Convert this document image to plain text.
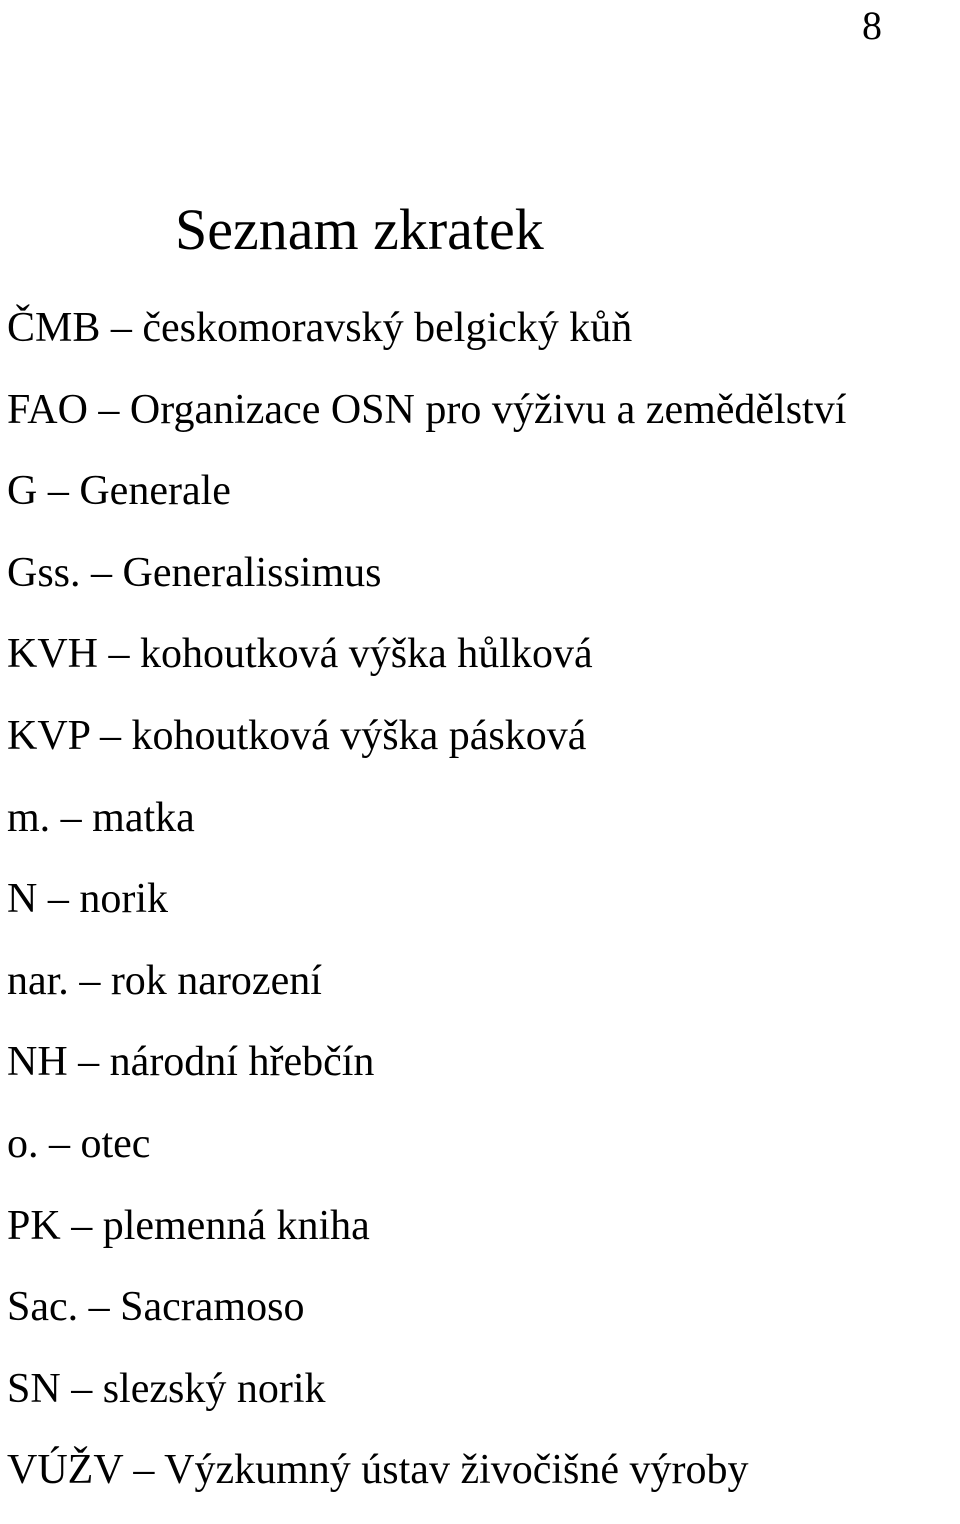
8
Seznam zkratek
ČMB – českomoravský belgický kůň
FAO – Organizace OSN pro výživu a zemědělství
G – Generale
Gss. – Generalissimus
KVH – kohoutková výška hůlková
KVP – kohoutková výška pásková
m. – matka
N – norik
nar. – rok narození
NH – národní hřebčín
o. – otec
PK – plemenná kniha
Sac. – Sacramoso
SN – slezský norik
VÚŽV – Výzkumný ústav živočišné výroby
